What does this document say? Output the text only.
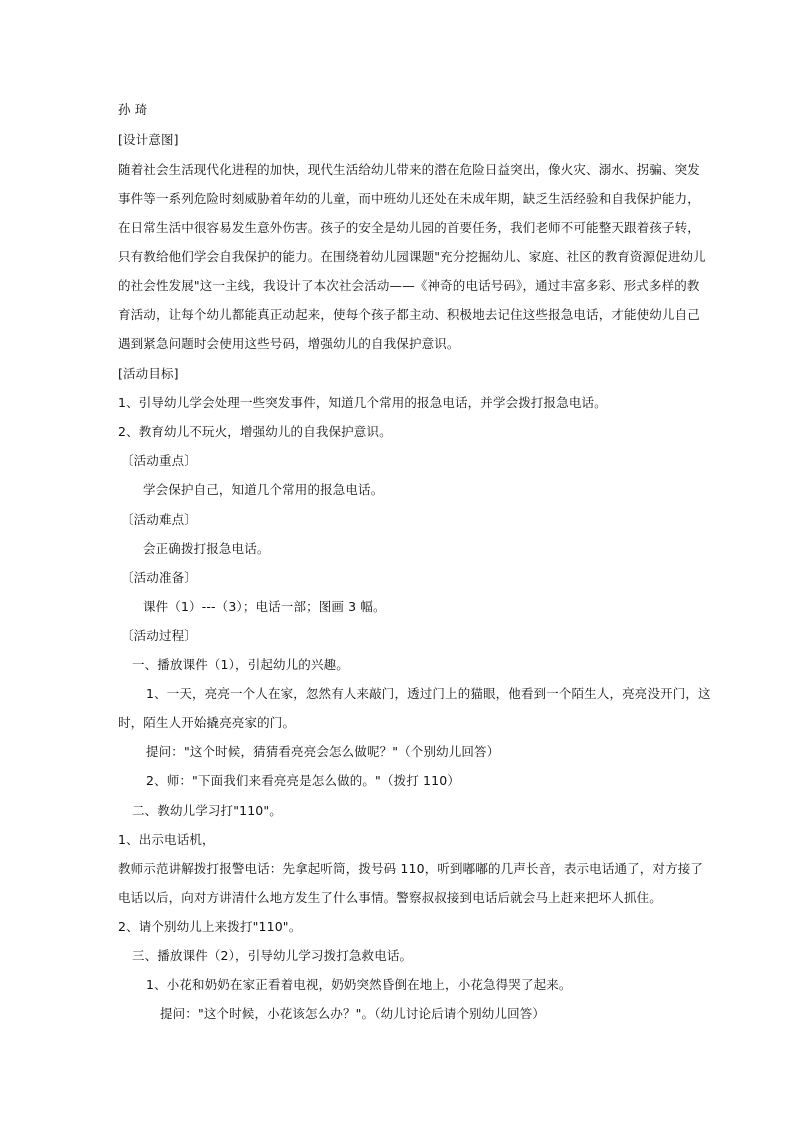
孙 琦
[设计意图]
随着社会生活现代化进程的加快，现代生活给幼儿带来的潜在危险日益突出，像火灾、溺水、拐骗、突发
事件等一系列危险时刻威胁着年幼的儿童，而中班幼儿还处在未成年期，缺乏生活经验和自我保护能力，
在日常生活中很容易发生意外伤害。孩子的安全是幼儿园的首要任务，我们老师不可能整天跟着孩子转，
只有教给他们学会自我保护的能力。在围绕着幼儿园课题"充分挖掘幼儿、家庭、社区的教育资源促进幼儿
的社会性发展"这一主线，我设计了本次社会活动——《神奇的电话号码》，通过丰富多彩、形式多样的教
育活动，让每个幼儿都能真正动起来，使每个孩子都主动、积极地去记住这些报急电话，才能使幼儿自己
遇到紧急问题时会使用这些号码，增强幼儿的自我保护意识。
[活动目标]
1、引导幼儿学会处理一些突发事件，知道几个常用的报急电话，并学会拨打报急电话。
2、教育幼儿不玩火，增强幼儿的自我保护意识。
〔活动重点〕
学会保护自己，知道几个常用的报急电话。
〔活动难点〕
会正确拨打报急电话。
〔活动准备〕
课件（1）---（3）；电话一部；图画 3 幅。
〔活动过程〕
一、播放课件（1），引起幼儿的兴趣。
1、一天，亮亮一个人在家，忽然有人来敲门，透过门上的猫眼，他看到一个陌生人，亮亮没开门，这
时，陌生人开始撬亮亮家的门。
提问："这个时候，猜猜看亮亮会怎么做呢？"（个别幼儿回答）
2、师："下面我们来看亮亮是怎么做的。"（拨打 110）
二、教幼儿学习打"110"。
1、出示电话机，
教师示范讲解拨打报警电话：先拿起听筒，拨号码 110，听到嘟嘟的几声长音，表示电话通了，对方接了
电话以后，向对方讲清什么地方发生了什么事情。警察叔叔接到电话后就会马上赶来把坏人抓住。
2、请个别幼儿上来拨打"110"。
三、播放课件（2），引导幼儿学习拨打急救电话。
1、小花和奶奶在家正看着电视，奶奶突然昏倒在地上，小花急得哭了起来。
提问："这个时候，小花该怎么办？"。（幼儿讨论后请个别幼儿回答）
